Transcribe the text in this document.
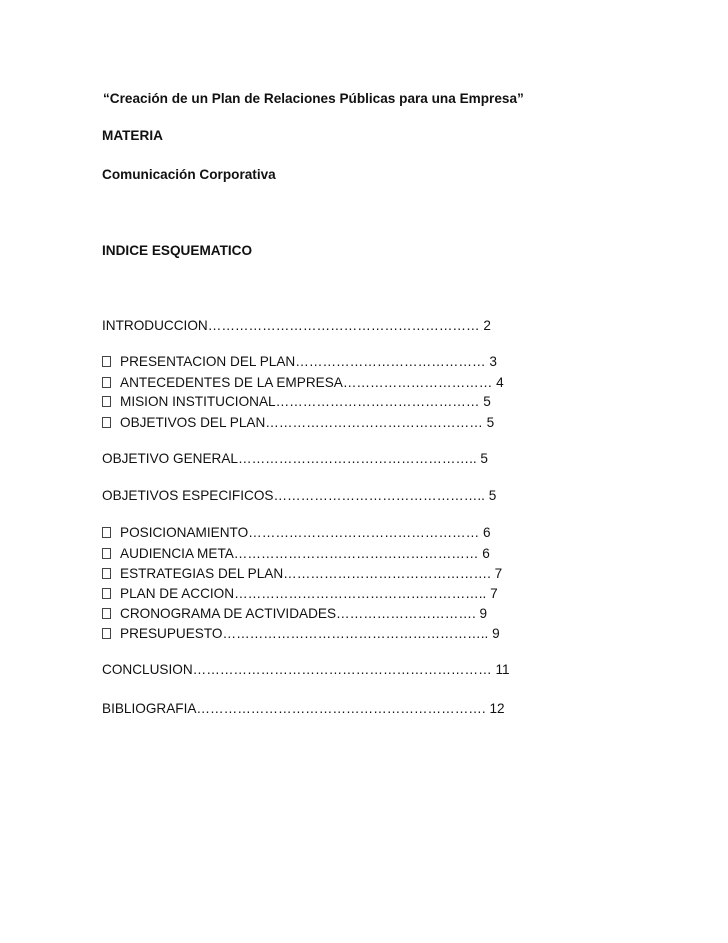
“Creación de un Plan de Relaciones Públicas para una Empresa”
MATERIA
Comunicación Corporativa
INDICE ESQUEMATICO
INTRODUCCION…………………………………………………… 2
PRESENTACION DEL PLAN…………………………………… 3
ANTECEDENTES DE LA EMPRESA…………………………… 4
MISION INSTITUCIONAL……………………………………… 5
OBJETIVOS DEL PLAN………………………………………… 5
OBJETIVO GENERAL…………………………………………….. 5
OBJETIVOS ESPECIFICOS……………………………………….. 5
POSICIONAMIENTO…………………………………………… 6
AUDIENCIA META……………………………………………… 6
ESTRATEGIAS DEL PLAN………………………………………. 7
PLAN DE ACCION……………………………………………….. 7
CRONOGRAMA DE ACTIVIDADES…………………………. 9
PRESUPUESTO………………………………………………….. 9
CONCLUSION………………………………………………………… 11
BIBLIOGRAFIA………………………………………………………. 12
